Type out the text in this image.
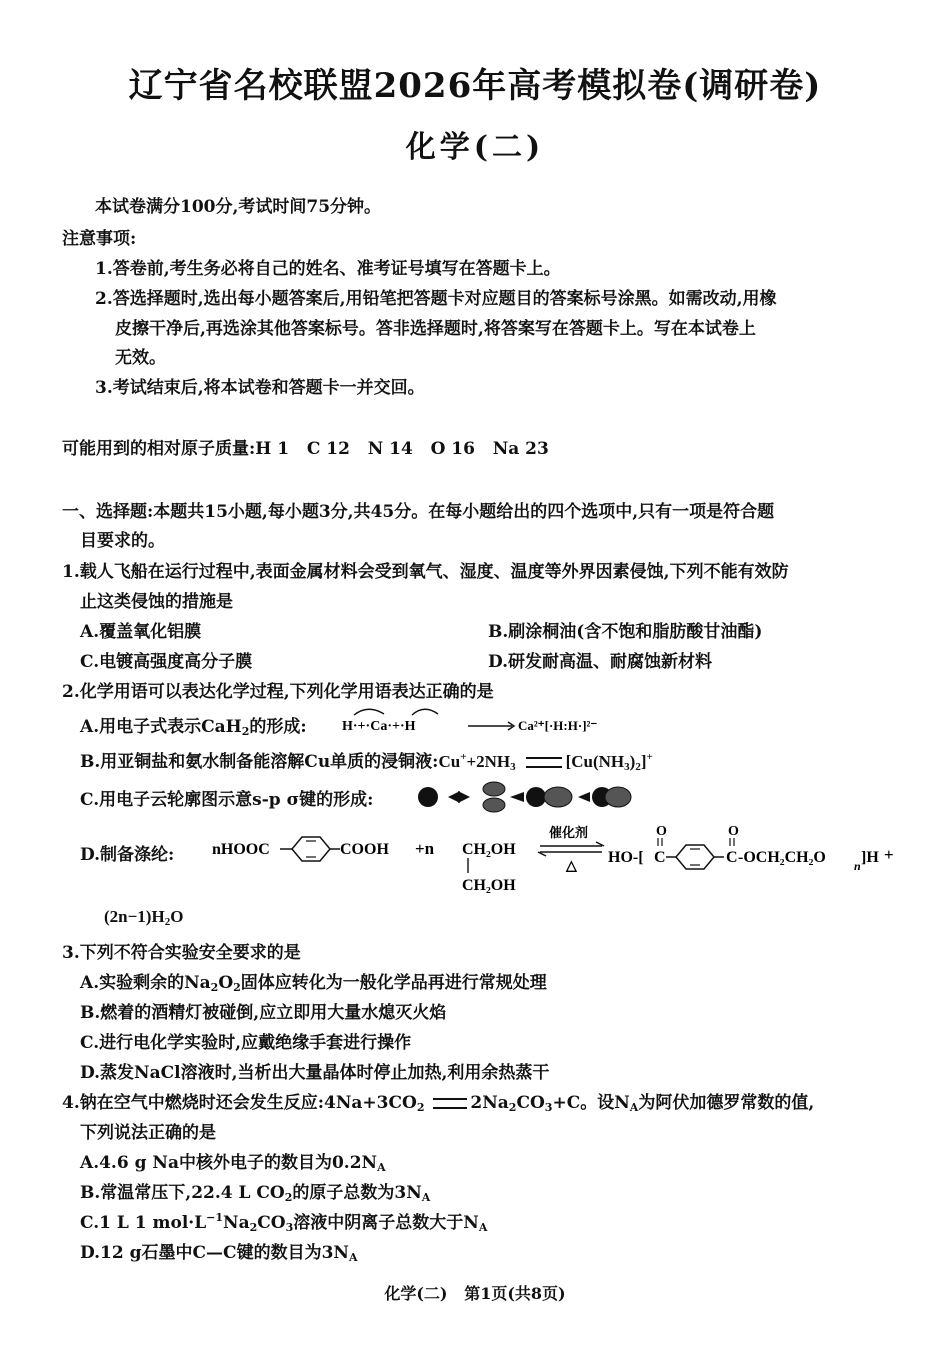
辽宁省名校联盟2026年高考模拟卷(调研卷)
化学(二)
本试卷满分100分,考试时间75分钟。
注意事项:
1.答卷前,考生务必将自己的姓名、准考证号填写在答题卡上。
2.答选择题时,选出每小题答案后,用铅笔把答题卡对应题目的答案标号涂黑。如需改动,用橡
皮擦干净后,再选涂其他答案标号。答非选择题时,将答案写在答题卡上。写在本试卷上
无效。
3.考试结束后,将本试卷和答题卡一并交回。
可能用到的相对原子质量:H 1   C 12   N 14   O 16   Na 23
一、选择题:本题共15小题,每小题3分,共45分。在每小题给出的四个选项中,只有一项是符合题
目要求的。
1.载人飞船在运行过程中,表面金属材料会受到氧气、湿度、温度等外界因素侵蚀,下列不能有效防
止这类侵蚀的措施是
A.覆盖氧化铝膜	B.刷涂桐油(含不饱和脂肪酸甘油酯)
C.电镀高强度高分子膜	D.研发耐高温、耐腐蚀新材料
2.化学用语可以表达化学过程,下列化学用语表达正确的是
A.用电子式表示CaH$_2$的形成:	H·+·Ca·+·H	Ca²⁺[·H:H·]²⁻
B.用亚铜盐和氨水制备能溶解Cu单质的浸铜液$:Cu^++2NH_3$	$[Cu(NH_3)_2]^+$
C.用电子云轮廓图示意s-p σ键的形成:
D.制备涤纶: nHOOC	COOH +n CH₂OH
CH₂OH
催化剂
△
HO-[
O
C
O
C -OCH₂CH₂O n ]H +
$(2n-1)H_2O$
3.下列不符合实验安全要求的是
A.实验剩余的$Na_2O_2$固体应转化为一般化学品再进行常规处理
B.燃着的酒精灯被碰倒,应立即用大量水熄灭火焰
C.进行电化学实验时,应戴绝缘手套进行操作
D.蒸发NaCl溶液时,当析出大量晶体时停止加热,利用余热蒸干
4.钠在空气中燃烧时还会发生反应$:4Na+3CO_2$	$2Na_2CO_3+C$。设$N_A$为阿伏加德罗常数的值,
下列说法正确的是
A.4.6 g Na中核外电子的数目为$0.2N_A$
B.常温常压下,22.4 L $CO_2$的原子总数为$3N_A$
C.1 L 1 $mol\cdot L^{-1}Na_2CO_3$溶液中阴离子总数大于$N_A$
D.12 g石墨中C—C键的数目为$3N_A$
化学(二)   第1页(共8页)
